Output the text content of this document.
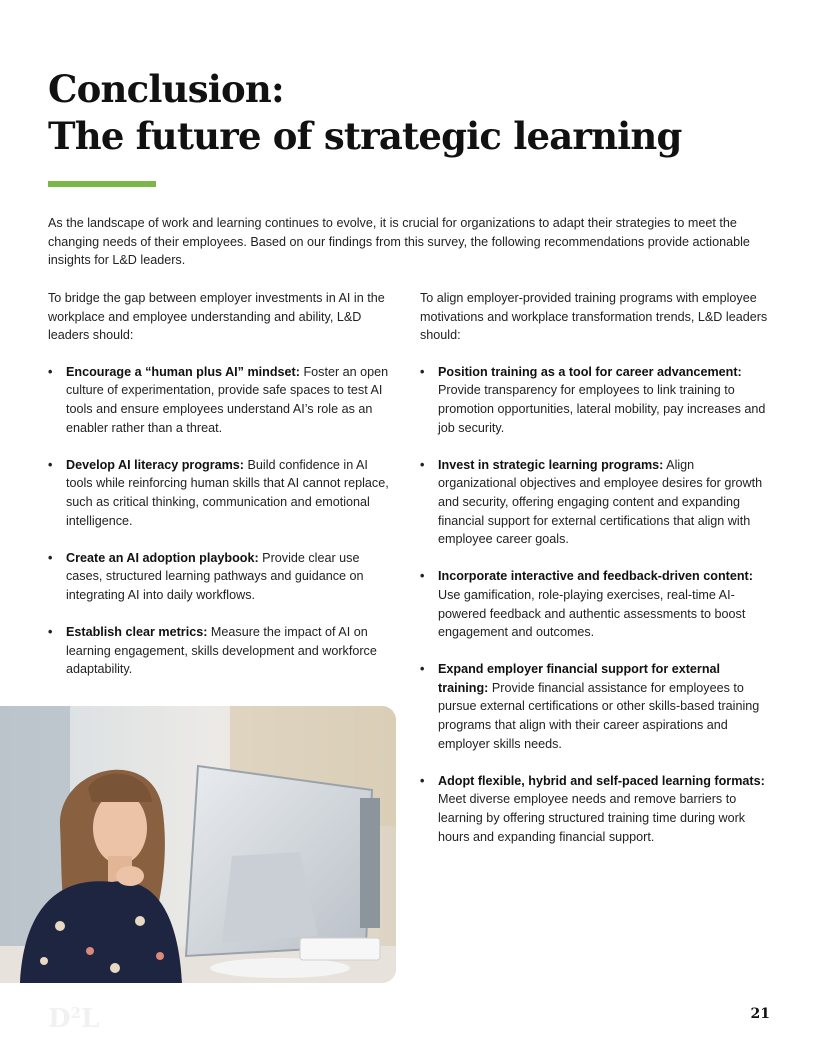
Conclusion:
The future of strategic learning

As the landscape of work and learning continues to evolve, it is crucial for organizations to adapt their strategies to meet the changing needs of their employees. Based on our findings from this survey, the following recommendations provide actionable insights for L&D leaders.

To bridge the gap between employer investments in AI in the workplace and employee understanding and ability, L&D leaders should:

• Encourage a “human plus AI” mindset: Foster an open culture of experimentation, provide safe spaces to test AI tools and ensure employees understand AI’s role as an enabler rather than a threat.
• Develop AI literacy programs: Build confidence in AI tools while reinforcing human skills that AI cannot replace, such as critical thinking, communication and emotional intelligence.
• Create an AI adoption playbook: Provide clear use cases, structured learning pathways and guidance on integrating AI into daily workflows.
• Establish clear metrics: Measure the impact of AI on learning engagement, skills development and workforce adaptability.

To align employer-provided training programs with employee motivations and workplace transformation trends, L&D leaders should:

• Position training as a tool for career advancement: Provide transparency for employees to link training to promotion opportunities, lateral mobility, pay increases and job security.
• Invest in strategic learning programs: Align organizational objectives and employee desires for growth and security, offering engaging content and expanding financial support for external certifications that align with employee career goals.
• Incorporate interactive and feedback-driven content: Use gamification, role-playing exercises, real-time AI-powered feedback and authentic assessments to boost engagement and outcomes.
• Expand employer financial support for external training: Provide financial assistance for employees to pursue external certifications or other skills-based training programs that align with their career aspirations and employer skills needs.
• Adopt flexible, hybrid and self-paced learning formats: Meet diverse employee needs and remove barriers to learning by offering structured training time during work hours and expanding financial support.
$D^2L$	21
